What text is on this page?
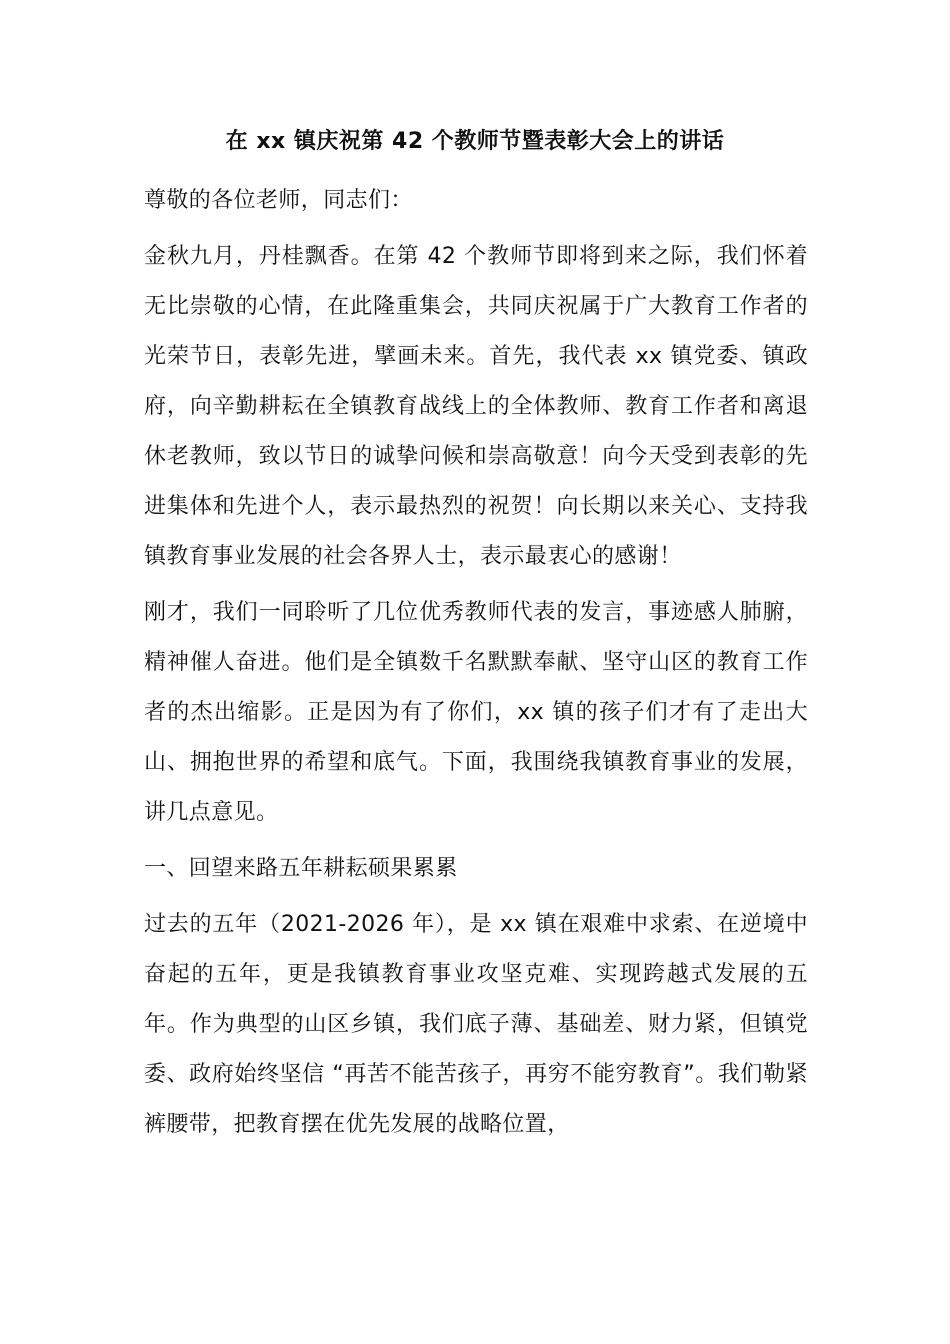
在 xx 镇庆祝第 42 个教师节暨表彰大会上的讲话

尊敬的各位老师，同志们：

金秋九月，丹桂飘香。在第 42 个教师节即将到来之际，我们怀着无比崇敬的心情，在此隆重集会，共同庆祝属于广大教育工作者的光荣节日，表彰先进，擘画未来。首先，我代表 xx 镇党委、镇政府，向辛勤耕耘在全镇教育战线上的全体教师、教育工作者和离退休老教师，致以节日的诚挚问候和崇高敬意！向今天受到表彰的先进集体和先进个人，表示最热烈的祝贺！向长期以来关心、支持我镇教育事业发展的社会各界人士，表示最衷心的感谢！

刚才，我们一同聆听了几位优秀教师代表的发言，事迹感人肺腑，精神催人奋进。他们是全镇数千名默默奉献、坚守山区的教育工作者的杰出缩影。正是因为有了你们，xx 镇的孩子们才有了走出大山、拥抱世界的希望和底气。下面，我围绕我镇教育事业的发展，讲几点意见。

一、回望来路五年耕耘硕果累累

过去的五年（2021-2026 年），是 xx 镇在艰难中求索、在逆境中奋起的五年，更是我镇教育事业攻坚克难、实现跨越式发展的五年。作为典型的山区乡镇，我们底子薄、基础差、财力紧，但镇党委、政府始终坚信 “再苦不能苦孩子，再穷不能穷教育”。我们勒紧裤腰带，把教育摆在优先发展的战略位置，
